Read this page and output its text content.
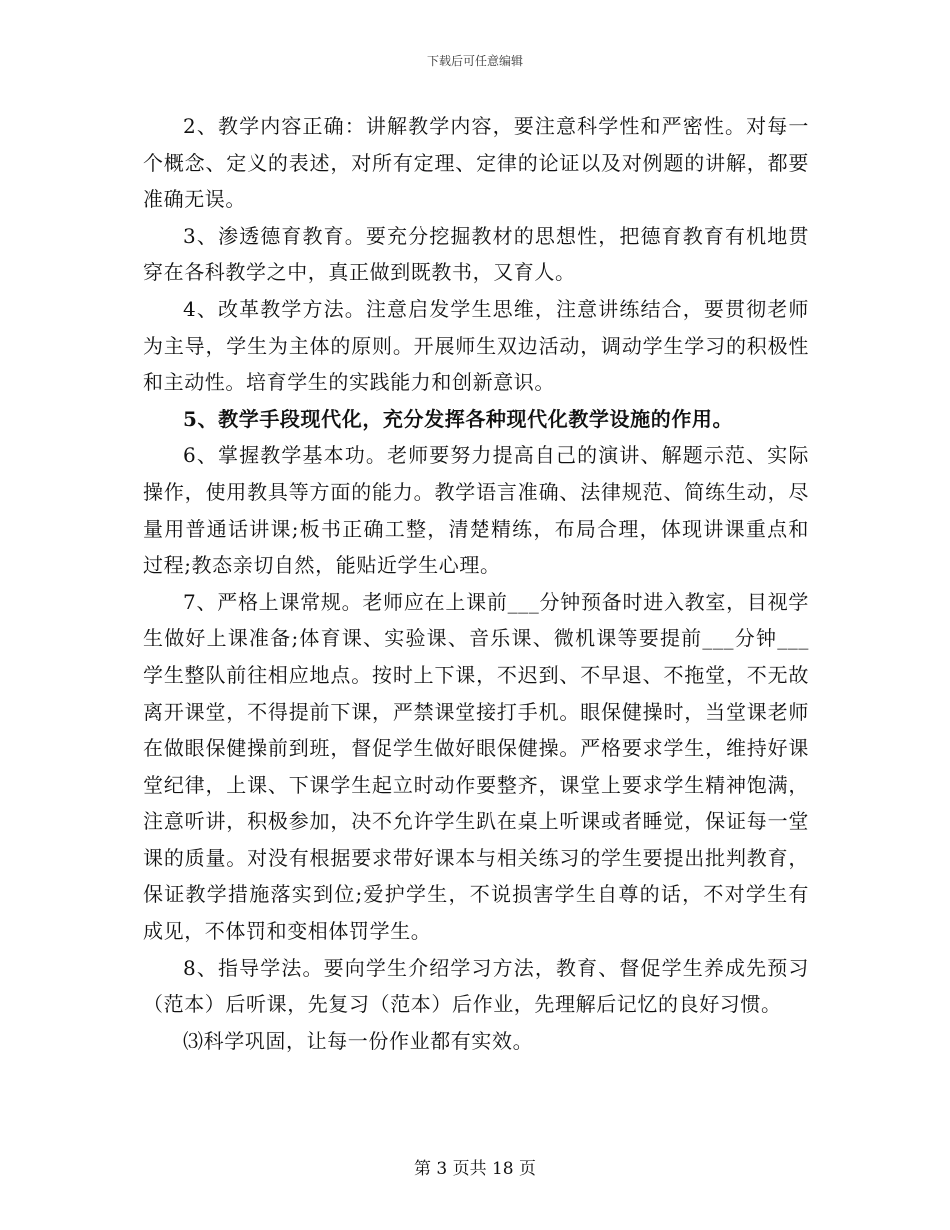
下载后可任意编辑

2、教学内容正确：讲解教学内容，要注意科学性和严密性。对每一个概念、定义的表述，对所有定理、定律的论证以及对例题的讲解，都要准确无误。

3、渗透德育教育。要充分挖掘教材的思想性，把德育教育有机地贯穿在各科教学之中，真正做到既教书，又育人。

4、改革教学方法。注意启发学生思维，注意讲练结合，要贯彻老师为主导，学生为主体的原则。开展师生双边活动，调动学生学习的积极性和主动性。培育学生的实践能力和创新意识。

5、教学手段现代化，充分发挥各种现代化教学设施的作用。

6、掌握教学基本功。老师要努力提高自己的演讲、解题示范、实际操作，使用教具等方面的能力。教学语言准确、法律规范、简练生动，尽量用普通话讲课;板书正确工整，清楚精练，布局合理，体现讲课重点和过程;教态亲切自然，能贴近学生心理。

7、严格上课常规。老师应在上课前___分钟预备时进入教室，目视学生做好上课准备;体育课、实验课、音乐课、微机课等要提前___分钟___学生整队前往相应地点。按时上下课，不迟到、不早退、不拖堂，不无故离开课堂，不得提前下课，严禁课堂接打手机。眼保健操时，当堂课老师在做眼保健操前到班，督促学生做好眼保健操。严格要求学生，维持好课堂纪律，上课、下课学生起立时动作要整齐，课堂上要求学生精神饱满，注意听讲，积极参加，决不允许学生趴在桌上听课或者睡觉，保证每一堂课的质量。对没有根据要求带好课本与相关练习的学生要提出批判教育，保证教学措施落实到位;爱护学生，不说损害学生自尊的话，不对学生有成见，不体罚和变相体罚学生。

8、指导学法。要向学生介绍学习方法，教育、督促学生养成先预习（范本）后听课，先复习（范本）后作业，先理解后记忆的良好习惯。

⑶科学巩固，让每一份作业都有实效。

第 3 页共 18 页
